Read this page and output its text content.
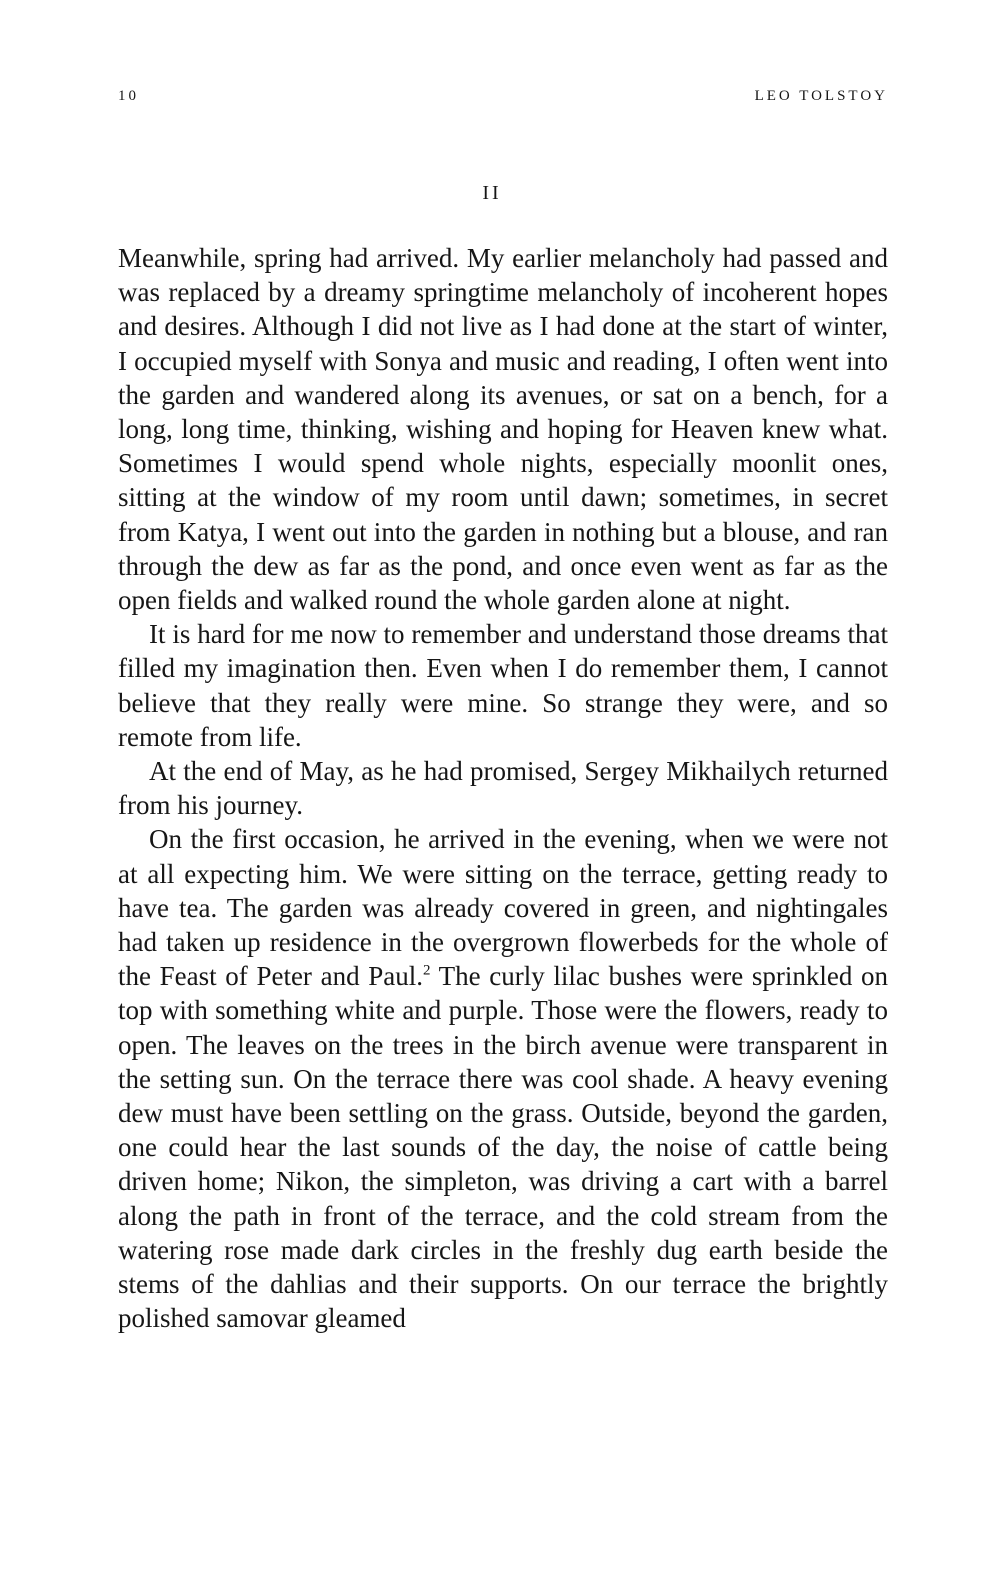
10	LEO TOLSTOY
II

Meanwhile, spring had arrived. My earlier melancholy had passed and was replaced by a dreamy springtime melancholy of incoherent hopes and desires. Although I did not live as I had done at the start of winter, I occupied myself with Sonya and music and reading, I often went into the garden and wandered along its avenues, or sat on a bench, for a long, long time, thinking, wishing and hoping for Heaven knew what. Sometimes I would spend whole nights, especially moonlit ones, sitting at the window of my room until dawn; sometimes, in secret from Katya, I went out into the garden in nothing but a blouse, and ran through the dew as far as the pond, and once even went as far as the open fields and walked round the whole garden alone at night.

It is hard for me now to remember and understand those dreams that filled my imagination then. Even when I do remember them, I cannot believe that they really were mine. So strange they were, and so remote from life.

At the end of May, as he had promised, Sergey Mikhailych returned from his journey.

On the first occasion, he arrived in the evening, when we were not at all expecting him. We were sitting on the terrace, getting ready to have tea. The garden was already covered in green, and nightingales had taken up residence in the overgrown flowerbeds for the whole of the Feast of Peter and Paul.$^2$ The curly lilac bushes were sprinkled on top with something white and purple. Those were the flowers, ready to open. The leaves on the trees in the birch avenue were transparent in the setting sun. On the terrace there was cool shade. A heavy evening dew must have been settling on the grass. Outside, beyond the garden, one could hear the last sounds of the day, the noise of cattle being driven home; Nikon, the simpleton, was driving a cart with a barrel along the path in front of the terrace, and the cold stream from the watering rose made dark circles in the freshly dug earth beside the stems of the dahlias and their supports. On our terrace the brightly polished samovar gleamed
